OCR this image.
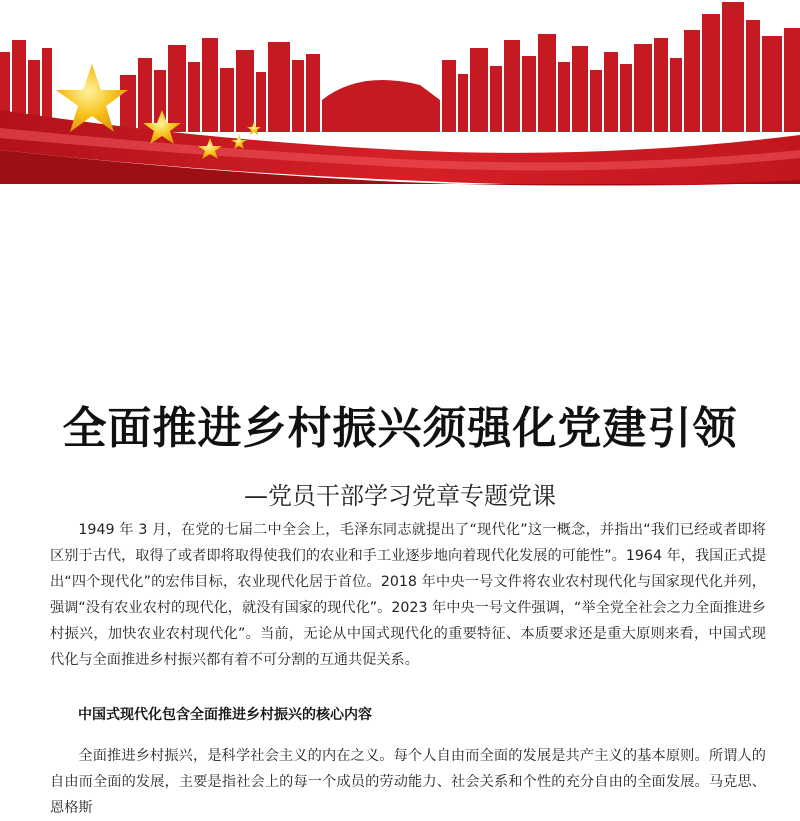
全面推进乡村振兴须强化党建引领
—党员干部学习党章专题党课

1949 年 3 月，在党的七届二中全会上，毛泽东同志就提出了“现代化”这一概念，并指出“我们已经或者即将区别于古代，取得了或者即将取得使我们的农业和手工业逐步地向着现代化发展的可能性”。1964 年，我国正式提出“四个现代化”的宏伟目标，农业现代化居于首位。2018 年中央一号文件将农业农村现代化与国家现代化并列，强调“没有农业农村的现代化，就没有国家的现代化”。2023 年中央一号文件强调，“举全党全社会之力全面推进乡村振兴，加快农业农村现代化”。当前，无论从中国式现代化的重要特征、本质要求还是重大原则来看，中国式现代化与全面推进乡村振兴都有着不可分割的互通共促关系。

中国式现代化包含全面推进乡村振兴的核心内容

全面推进乡村振兴，是科学社会主义的内在之义。每个人自由而全面的发展是共产主义的基本原则。所谓人的自由而全面的发展，主要是指社会上的每一个成员的劳动能力、社会关系和个性的充分自由的全面发展。马克思、恩格斯
